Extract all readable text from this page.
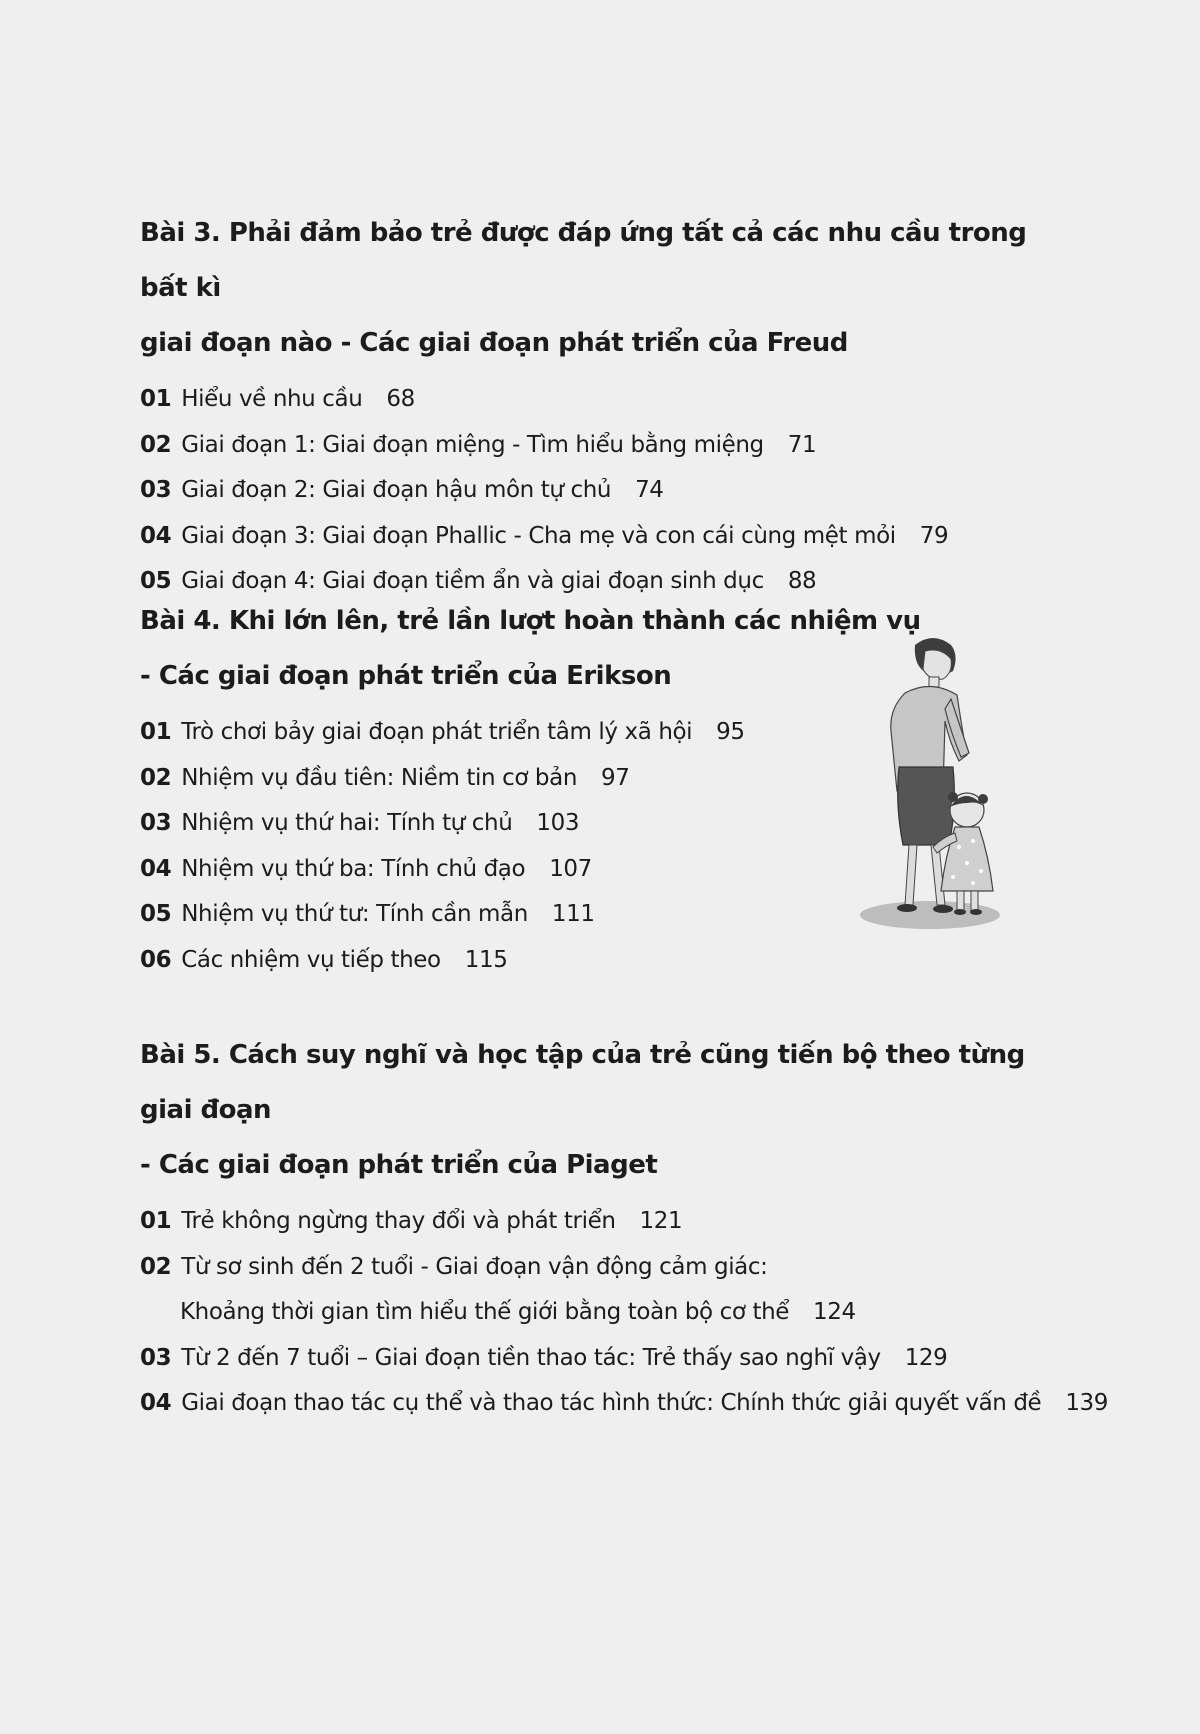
Bài 3. Phải đảm bảo trẻ được đáp ứng tất cả các nhu cầu trong bất kì
giai đoạn nào - Các giai đoạn phát triển của Freud
01 Hiểu về nhu cầu 68
02 Giai đoạn 1: Giai đoạn miệng - Tìm hiểu bằng miệng 71
03 Giai đoạn 2: Giai đoạn hậu môn tự chủ 74
04 Giai đoạn 3: Giai đoạn Phallic - Cha mẹ và con cái cùng mệt mỏi 79
05 Giai đoạn 4: Giai đoạn tiềm ẩn và giai đoạn sinh dục 88
Bài 4. Khi lớn lên, trẻ lần lượt hoàn thành các nhiệm vụ
- Các giai đoạn phát triển của Erikson
01 Trò chơi bảy giai đoạn phát triển tâm lý xã hội 95
02 Nhiệm vụ đầu tiên: Niềm tin cơ bản 97
03 Nhiệm vụ thứ hai: Tính tự chủ 103
04 Nhiệm vụ thứ ba: Tính chủ đạo 107
05 Nhiệm vụ thứ tư: Tính cần mẫn 111
06 Các nhiệm vụ tiếp theo 115
Bài 5. Cách suy nghĩ và học tập của trẻ cũng tiến bộ theo từng giai đoạn
- Các giai đoạn phát triển của Piaget
01 Trẻ không ngừng thay đổi và phát triển 121
02 Từ sơ sinh đến 2 tuổi - Giai đoạn vận động cảm giác:
Khoảng thời gian tìm hiểu thế giới bằng toàn bộ cơ thể 124
03 Từ 2 đến 7 tuổi – Giai đoạn tiền thao tác: Trẻ thấy sao nghĩ vậy 129
04 Giai đoạn thao tác cụ thể và thao tác hình thức: Chính thức giải quyết vấn đề 139
